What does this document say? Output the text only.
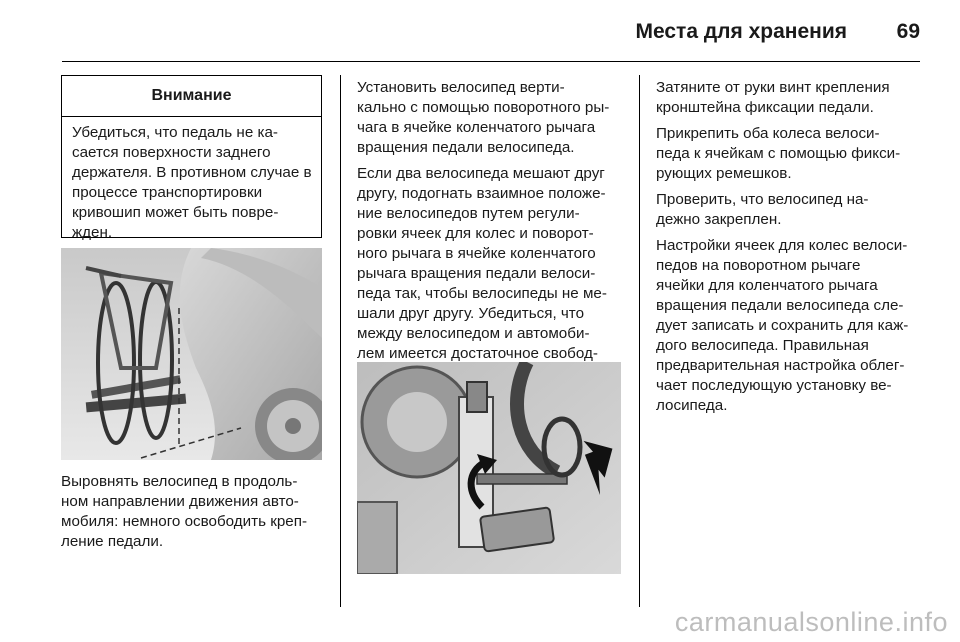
Места для хранения 69
Внимание
Убедиться, что педаль не ка-сается поверхности заднего держателя. В противном случае в процессе транспортировки кривошип может быть повре-жден.
Выровнять велосипед в продоль-
ном направлении движения авто-
мобиля: немного освободить креп-
ление педали.

Установить велосипед верти-
кально с помощью поворотного ры-
чага в ячейке коленчатого рычага
вращения педали велосипеда.

Если два велосипеда мешают друг
другу, подогнать взаимное положе-
ние велосипедов путем регули-
ровки ячеек для колес и поворот-
ного рычага в ячейке коленчатого
рычага вращения педали велоси-
педа так, чтобы велосипеды не ме-
шали друг другу. Убедиться, что
между велосипедом и автомоби-
лем имеется достаточное свобод-

Затяните от руки винт крепления
кронштейна фиксации педали.

Прикрепить оба колеса велоси-
педа к ячейкам с помощью фикси-
рующих ремешков.

Проверить, что велосипед на-
дежно закреплен.

Настройки ячеек для колес велоси-
педов на поворотном рычаге
ячейки для коленчатого рычага
вращения педали велосипеда сле-
дует записать и сохранить для каж-
дого велосипеда. Правильная
предварительная настройка облег-
чает последующую установку ве-
лосипеда.

carmanualsonline.info
